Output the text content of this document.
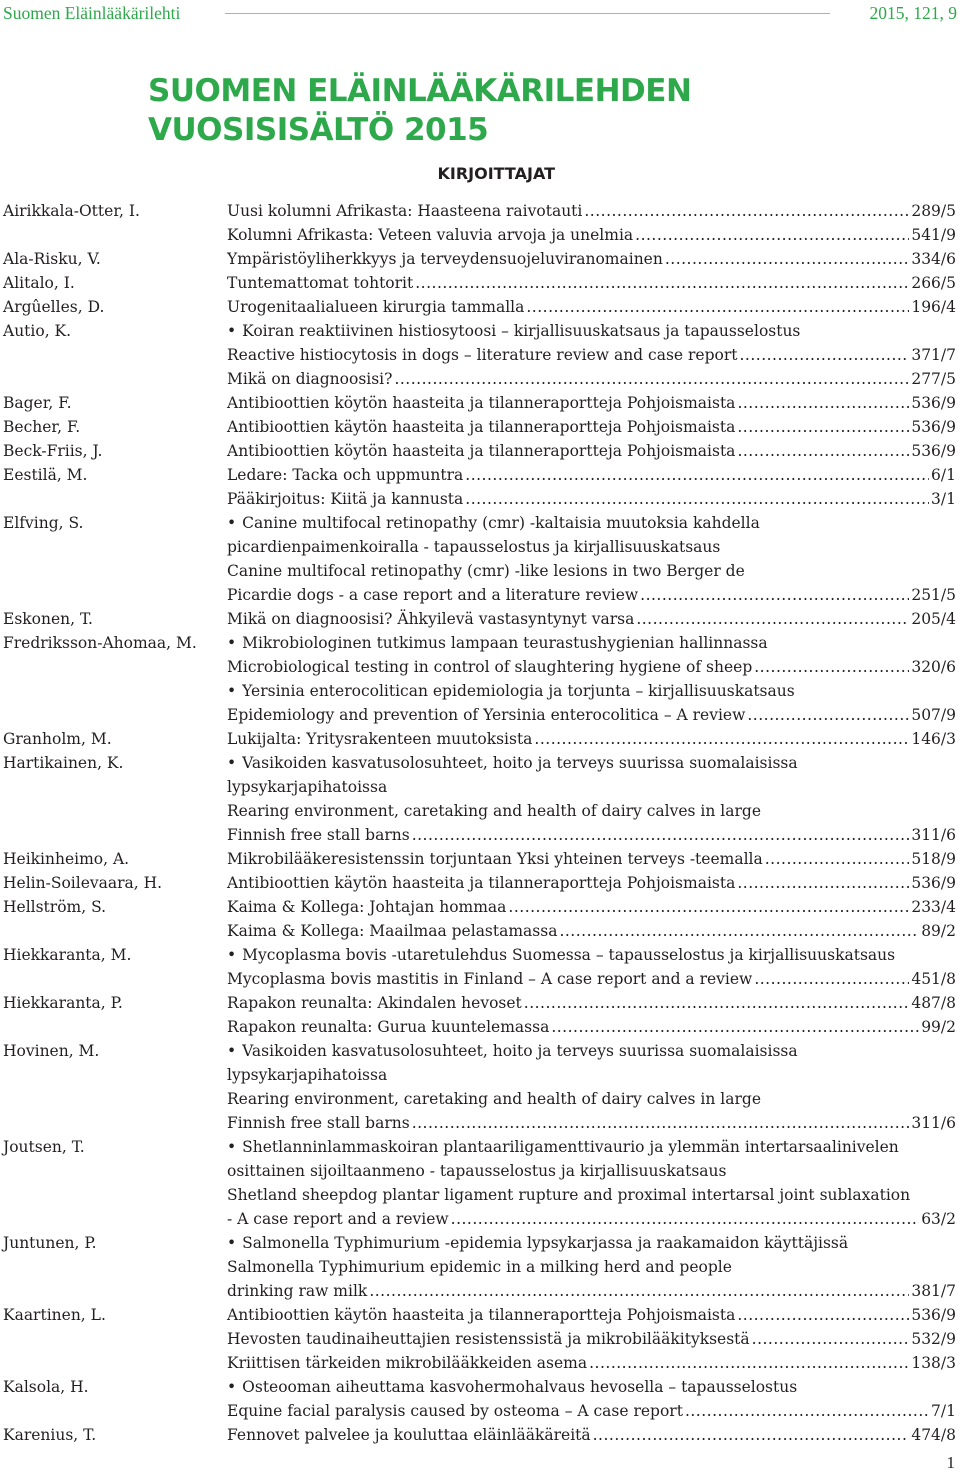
Suomen Eläinlääkärilehti	2015, 121, 9
SUOMEN ELÄINLÄÄKÄRILEHDEN
VUOSISISÄLTÖ 2015
KIRJOITTAJAT
Airikkala-Otter, I.	Uusi kolumni Afrikasta: Haasteena raivotauti .....	289/5
Kolumni Afrikasta: Veteen valuvia arvoja ja unelmia .....	541/9
Ala-Risku, V.	Ympäristöyliherkkyys ja terveydensuojeluviranomainen .....	334/6
Alitalo, I.	Tuntemattomat tohtorit .....	266/5
Argûelles, D.	Urogenitaalialueen kirurgia tammalla .....	196/4
Autio, K.	• Koiran reaktiivinen histiosytoosi – kirjallisuuskatsaus ja tapausselostus
Reactive histiocytosis in dogs – literature review and case report .....	371/7
Mikä on diagnoosisi? .....	277/5
Bager, F.	Antibioottien köytön haasteita ja tilanneraportteja Pohjoismaista .....	536/9
Becher, F.	Antibioottien käytön haasteita ja tilanneraportteja Pohjoismaista .....	536/9
Beck-Friis, J.	Antibioottien köytön haasteita ja tilanneraportteja Pohjoismaista .....	536/9
Eestilä, M.	Ledare: Tacka och uppmuntra .....	6/1
Pääkirjoitus: Kiitä ja kannusta .....	3/1
Elfving, S.	• Canine multifocal retinopathy (cmr) -kaltaisia muutoksia kahdella
picardienpaimenkoiralla - tapausselostus ja kirjallisuuskatsaus
Canine multifocal retinopathy (cmr) -like lesions in two Berger de
Picardie dogs - a case report and a literature review .....	251/5
Eskonen, T.	Mikä on diagnoosisi? Ähkyilevä vastasyntynyt varsa .....	205/4
Fredriksson-Ahomaa, M.	• Mikrobiologinen tutkimus lampaan teurastushygienian hallinnassa
Microbiological testing in control of slaughtering hygiene of sheep .....	320/6
• Yersinia enterocolitican epidemiologia ja torjunta – kirjallisuuskatsaus
Epidemiology and prevention of Yersinia enterocolitica – A review .....	507/9
Granholm, M.	Lukijalta: Yritysrakenteen muutoksista .....	146/3
Hartikainen, K.	• Vasikoiden kasvatusolosuhteet, hoito ja terveys suurissa suomalaisissa
lypsykarjapihatoissa
Rearing environment, caretaking and health of dairy calves in large
Finnish free stall barns .....	311/6
Heikinheimo, A.	Mikrobilääkeresistenssin torjuntaan Yksi yhteinen terveys -teemalla .....	518/9
Helin-Soilevaara, H.	Antibioottien käytön haasteita ja tilanneraportteja Pohjoismaista .....	536/9
Hellström, S.	Kaima & Kollega: Johtajan hommaa .....	233/4
Kaima & Kollega: Maailmaa pelastamassa .....	89/2
Hiekkaranta, M.	• Mycoplasma bovis -utaretulehdus Suomessa – tapausselostus ja kirjallisuuskatsaus
Mycoplasma bovis mastitis in Finland – A case report and a review .....	451/8
Hiekkaranta, P.	Rapakon reunalta: Akindalen hevoset .....	487/8
Rapakon reunalta: Gurua kuuntelemassa .....	99/2
Hovinen, M.	• Vasikoiden kasvatusolosuhteet, hoito ja terveys suurissa suomalaisissa
lypsykarjapihatoissa
Rearing environment, caretaking and health of dairy calves in large
Finnish free stall barns .....	311/6
Joutsen, T.	• Shetlanninlammaskoiran plantaariligamenttivaurio ja ylemmän intertarsaalinivelen
osittainen sijoiltaanmeno - tapausselostus ja kirjallisuuskatsaus
Shetland sheepdog plantar ligament rupture and proximal intertarsal joint sublaxation
- A case report and a review .....	63/2
Juntunen, P.	• Salmonella Typhimurium -epidemia lypsykarjassa ja raakamaidon käyttäjissä
Salmonella Typhimurium epidemic in a milking herd and people
drinking raw milk .....	381/7
Kaartinen, L.	Antibioottien käytön haasteita ja tilanneraportteja Pohjoismaista .....	536/9
Hevosten taudinaiheuttajien resistenssistä ja mikrobilääkityksestä .....	532/9
Kriittisen tärkeiden mikrobilääkkeiden asema .....	138/3
Kalsola, H.	• Osteooman aiheuttama kasvohermohalvaus hevosella – tapausselostus
Equine facial paralysis caused by osteoma – A case report .....	7/1
Karenius, T.	Fennovet palvelee ja kouluttaa eläinlääkäreitä .....	474/8
1
